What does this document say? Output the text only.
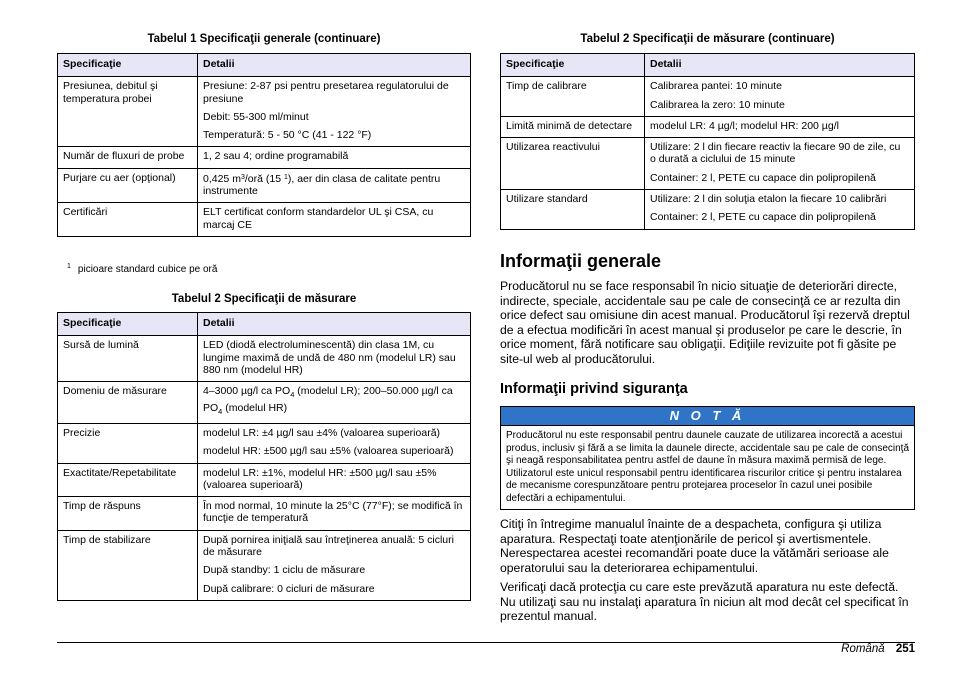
Tabelul 1 Specificaţii generale (continuare)
Specificaţie	Detalii
Presiunea, debitul şi temperatura probei	Presiune: 2-87 psi pentru presetarea regulatorului de presiune

Debit: 55-300 ml/minut

Temperatură: 5 - 50 °C (41 - 122 °F)

Număr de fluxuri de probe	1, 2 sau 4; ordine programabilă

Purjare cu aer (opţional)	0,425 m$^3$/oră (15 $^1$), aer din clasa de calitate pentru instrumente

Certificări	ELT certificat conform standardelor UL şi CSA, cu marcaj CE

$^1$ picioare standard cubice pe oră
Tabelul 2 Specificaţii de măsurare
Specificaţie	Detalii
Sursă de lumină	LED (diodă electroluminescentă) din clasa 1M, cu lungime maximă de undă de 480 nm (modelul LR) sau 880 nm (modelul HR)

Domeniu de măsurare	4–3000 µg/l ca $PO_4$ (modelul LR); 200–50.000 µg/l ca $PO_4$ (modelul HR)

Precizie	modelul LR: ±4 µg/l sau ±4% (valoarea superioară)

modelul HR: ±500 µg/l sau ±5% (valoarea superioară)

Exactitate/Repetabilitate	modelul LR: ±1%, modelul HR: ±500 µg/l sau ±5% (valoarea superioară)

Timp de răspuns	În mod normal, 10 minute la 25°C (77°F); se modifică în funcţie de temperatură

Timp de stabilizare	După pornirea iniţială sau întreţinerea anuală: 5 cicluri de măsurare

După standby: 1 ciclu de măsurare

După calibrare: 0 cicluri de măsurare

Tabelul 2 Specificaţii de măsurare (continuare)
Specificaţie	Detalii
Timp de calibrare	Calibrarea pantei: 10 minute

Calibrarea la zero: 10 minute

Limită minimă de detectare	modelul LR: 4 µg/l; modelul HR: 200 µg/l

Utilizarea reactivului	Utilizare: 2 l din fiecare reactiv la fiecare 90 de zile, cu o durată a ciclului de 15 minute

Container: 2 l, PETE cu capace din polipropilenă

Utilizare standard	Utilizare: 2 l din soluţia etalon la fiecare 10 calibrări

Container: 2 l, PETE cu capace din polipropilenă

Informaţii generale
Producătorul nu se face responsabil în nicio situaţie de deteriorări directe, indirecte, speciale, accidentale sau pe cale de consecinţă ce ar rezulta din orice defect sau omisiune din acest manual. Producătorul îşi rezervă dreptul de a efectua modificări în acest manual şi produselor pe care le descrie, în orice moment, fără notificare sau obligaţii. Ediţiile revizuite pot fi găsite pe site-ul web al producătorului.
Informaţii privind siguranţa
N O T Ă
Producătorul nu este responsabil pentru daunele cauzate de utilizarea incorectă a acestui produs, inclusiv şi fără a se limita la daunele directe, accidentale sau pe cale de consecinţă şi neagă responsabilitatea pentru astfel de daune în măsura maximă permisă de lege. Utilizatorul este unicul responsabil pentru identificarea riscurilor critice şi pentru instalarea de mecanisme corespunzătoare pentru protejarea proceselor în cazul unei posibile defectări a echipamentului.
Citiţi în întregime manualul înainte de a despacheta, configura şi utiliza aparatura. Respectaţi toate atenţionările de pericol şi avertismentele. Nerespectarea acestei recomandări poate duce la vătămări serioase ale operatorului sau la deteriorarea echipamentului.
Verificaţi dacă protecţia cu care este prevăzută aparatura nu este defectă. Nu utilizaţi sau nu instalaţi aparatura în niciun alt mod decât cel specificat în prezentul manual.
Română 251
